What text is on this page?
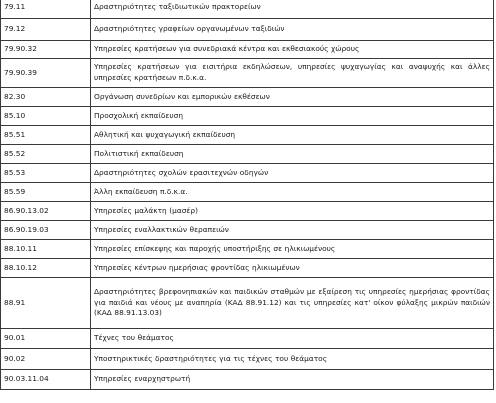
79.11	Δραστηριότητες ταξιδιωτικών πρακτορείων
79.12	Δραστηριότητες γραφείων οργανωμένων ταξιδιών
79.90.32	Υπηρεσίες κρατήσεων για συνεδριακά κέντρα και εκθεσιακούς χώρους
79.90.39	Υπηρεσίες κρατήσεων για εισιτήρια εκδηλώσεων, υπηρεσίες ψυχαγωγίας και αναψυχής και άλλες υπηρεσίες κρατήσεων π.δ.κ.α.
82.30	Οργάνωση συνεδρίων και εμπορικών εκθέσεων
85.10	Προσχολική εκπαίδευση
85.51	Αθλητική και ψυχαγωγική εκπαίδευση
85.52	Πολιτιστική εκπαίδευση
85.53	Δραστηριότητες σχολών ερασιτεχνών οδηγών
85.59	Άλλη εκπαίδευση π.δ.κ.α.
86.90.13.02	Υπηρεσίες μαλάκτη (μασέρ)
86.90.19.03	Υπηρεσίες εναλλακτικών θεραπειών
88.10.11	Υπηρεσίες επίσκεψης και παροχής υποστήριξης σε ηλικιωμένους
88.10.12	Υπηρεσίες κέντρων ημερήσιας φροντίδας ηλικιωμένων
88.91	Δραστηριότητες βρεφονηπιακών και παιδικών σταθμών με εξαίρεση τις υπηρεσίες ημερήσιας φροντίδας για παιδιά και νέους με αναπηρία (ΚΑΔ 88.91.12) και τις υπηρεσίες κατ' οίκον φύλαξης μικρών παιδιών (ΚΑΔ 88.91.13.03)
90.01	Τέχνες του θεάματος
90.02	Υποστηρικτικές δραστηριότητες για τις τέχνες του θεάματος
90.03.11.04	Υπηρεσίες εναρχηστρωτή
